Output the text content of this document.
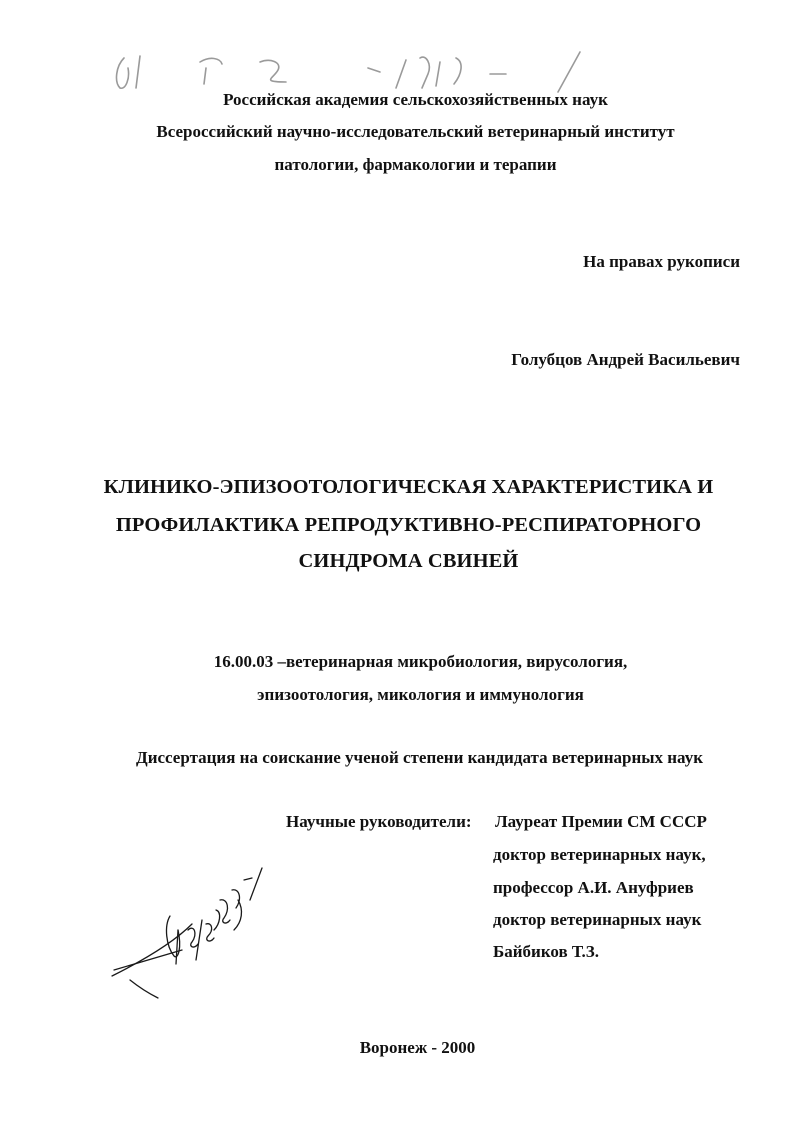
Российская академия сельскохозяйственных наук
Всероссийский научно-исследовательский ветеринарный институт
патологии, фармакологии и терапии
На правах рукописи
Голубцов Андрей Васильевич
КЛИНИКО-ЭПИЗООТОЛОГИЧЕСКАЯ ХАРАКТЕРИСТИКА И
ПРОФИЛАКТИКА РЕПРОДУКТИВНО-РЕСПИРАТОРНОГО
СИНДРОМА СВИНЕЙ
16.00.03 –ветеринарная микробиология, вирусология,
эпизоотология, микология и иммунология
Диссертация на соискание ученой степени кандидата ветеринарных наук
Научные руководители: Лауреат Премии СМ СССР
доктор ветеринарных наук,
профессор А.И. Ануфриев
доктор ветеринарных наук
Байбиков Т.З.
Воронеж - 2000
